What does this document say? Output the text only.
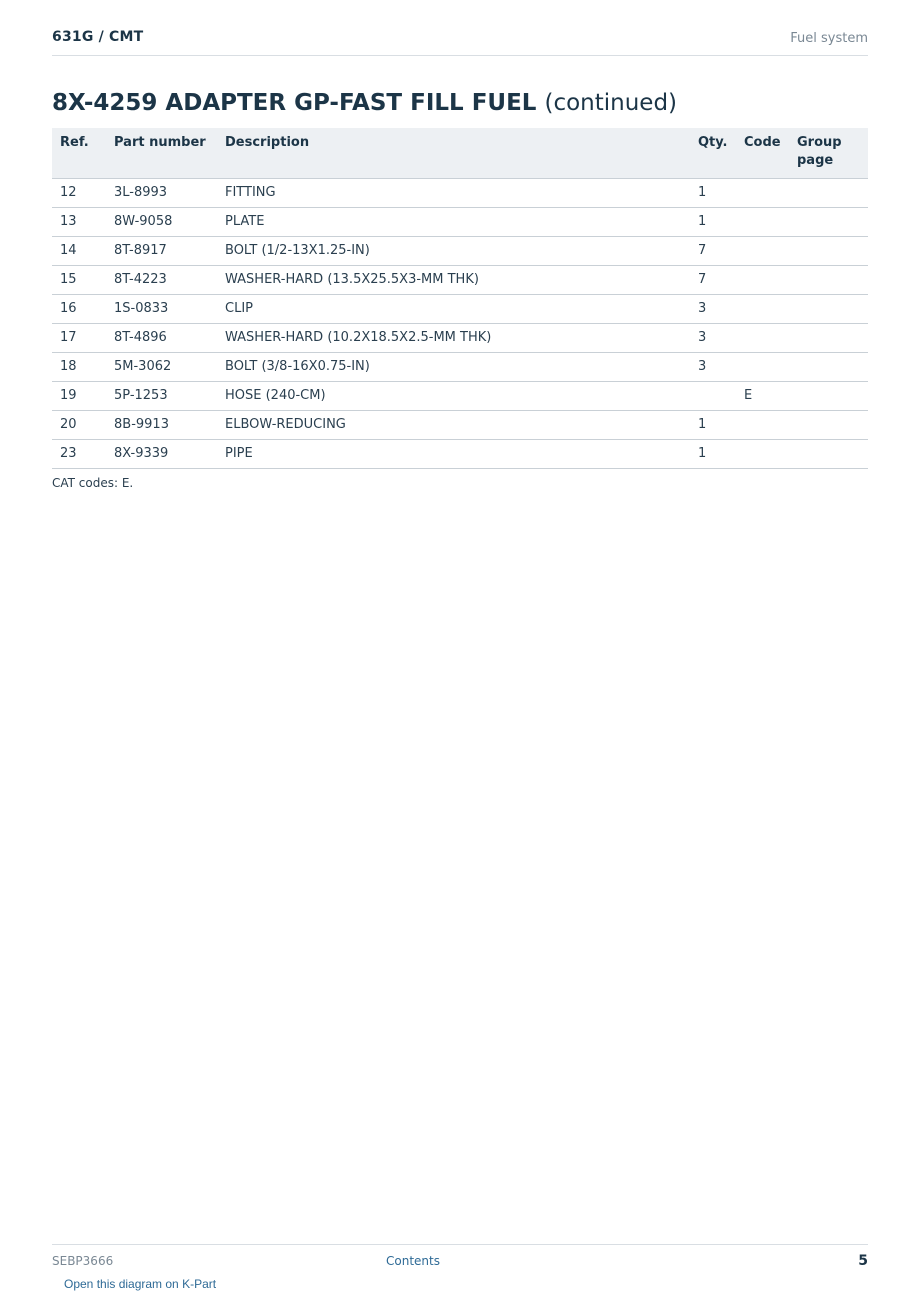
631G / CMT	Fuel system
8X-4259 ADAPTER GP-FAST FILL FUEL (continued)
Ref.	Part number	Description	Qty.	Code	Group page
12	3L-8993	FITTING	1		
13	8W-9058	PLATE	1		
14	8T-8917	BOLT (1/2-13X1.25-IN)	7		
15	8T-4223	WASHER-HARD (13.5X25.5X3-MM THK)	7		
16	1S-0833	CLIP	3		
17	8T-4896	WASHER-HARD (10.2X18.5X2.5-MM THK)	3		
18	5M-3062	BOLT (3/8-16X0.75-IN)	3		
19	5P-1253	HOSE (240-CM)		E	
20	8B-9913	ELBOW-REDUCING	1		
23	8X-9339	PIPE	1		
CAT codes: E.
SEBP3666	Contents	5
Open this diagram on K-Part
